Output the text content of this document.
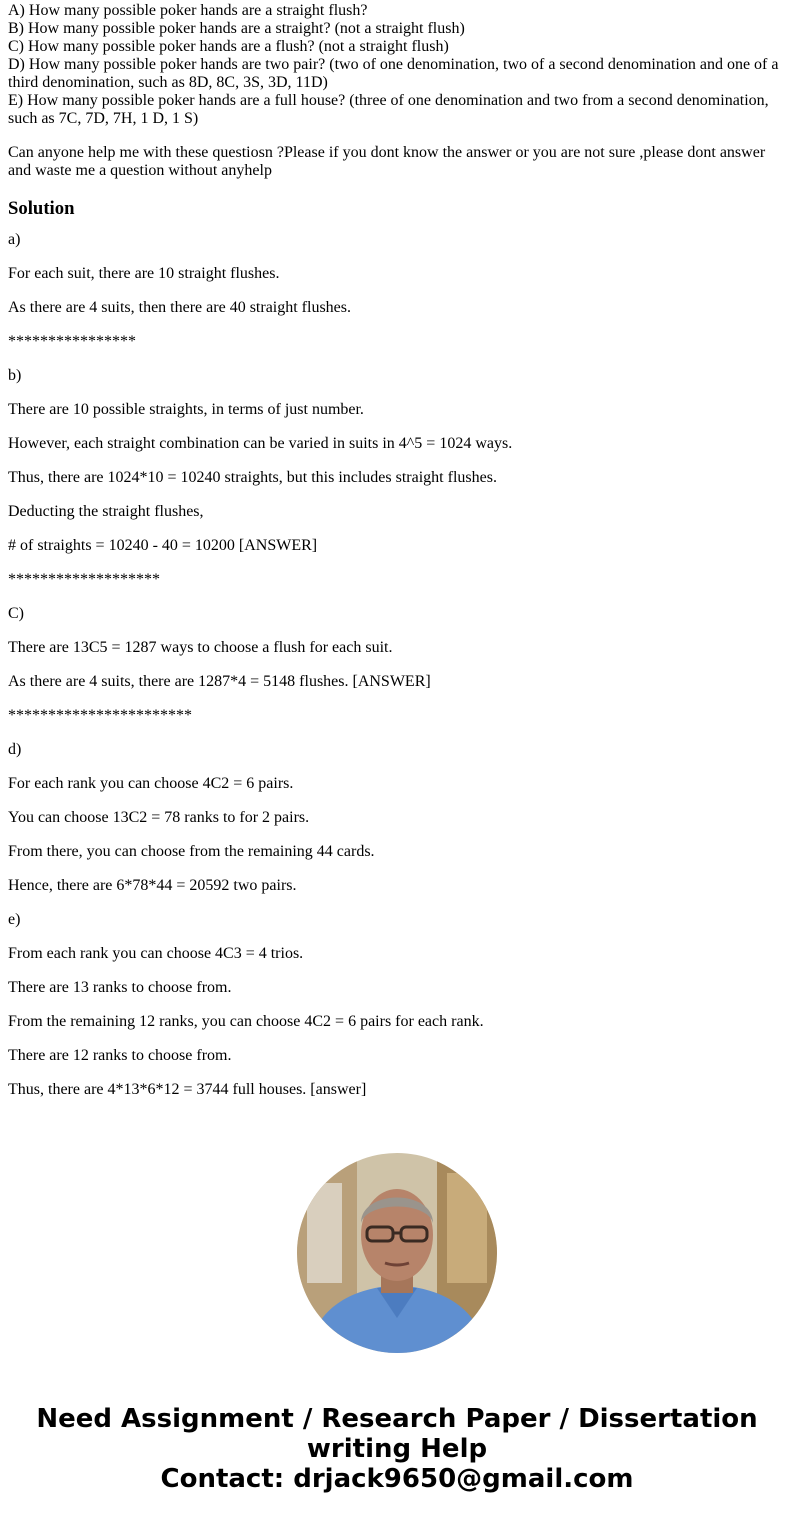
A) How many possible poker hands are a straight flush?
B) How many possible poker hands are a straight? (not a straight flush)
C) How many possible poker hands are a flush? (not a straight flush)
D) How many possible poker hands are two pair? (two of one denomination, two of a second denomination and one of a third denomination, such as 8D, 8C, 3S, 3D, 11D)
E) How many possible poker hands are a full house? (three of one denomination and two from a second denomination, such as 7C, 7D, 7H, 1 D, 1 S)
Can anyone help me with these questiosn ?Please if you dont know the answer or you are not sure ,please dont answer and waste me a question without anyhelp
Solution
a)
For each suit, there are 10 straight flushes.
As there are 4 suits, then there are 40 straight flushes.
****************
b)
There are 10 possible straights, in terms of just number.
However, each straight combination can be varied in suits in 4^5 = 1024 ways.
Thus, there are 1024*10 = 10240 straights, but this includes straight flushes.
Deducting the straight flushes,
# of straights = 10240 - 40 = 10200 [ANSWER]
*******************
C)
There are 13C5 = 1287 ways to choose a flush for each suit.
As there are 4 suits, there are 1287*4 = 5148 flushes. [ANSWER]
***********************
d)
For each rank you can choose 4C2 = 6 pairs.
You can choose 13C2 = 78 ranks to for 2 pairs.
From there, you can choose from the remaining 44 cards.
Hence, there are 6*78*44 = 20592 two pairs.
e)
From each rank you can choose 4C3 = 4 trios.
There are 13 ranks to choose from.
From the remaining 12 ranks, you can choose 4C2 = 6 pairs for each rank.
There are 12 ranks to choose from.
Thus, there are 4*13*6*12 = 3744 full houses. [answer]
Need Assignment / Research Paper / Dissertation
writing Help
Contact: drjack9650@gmail.com
